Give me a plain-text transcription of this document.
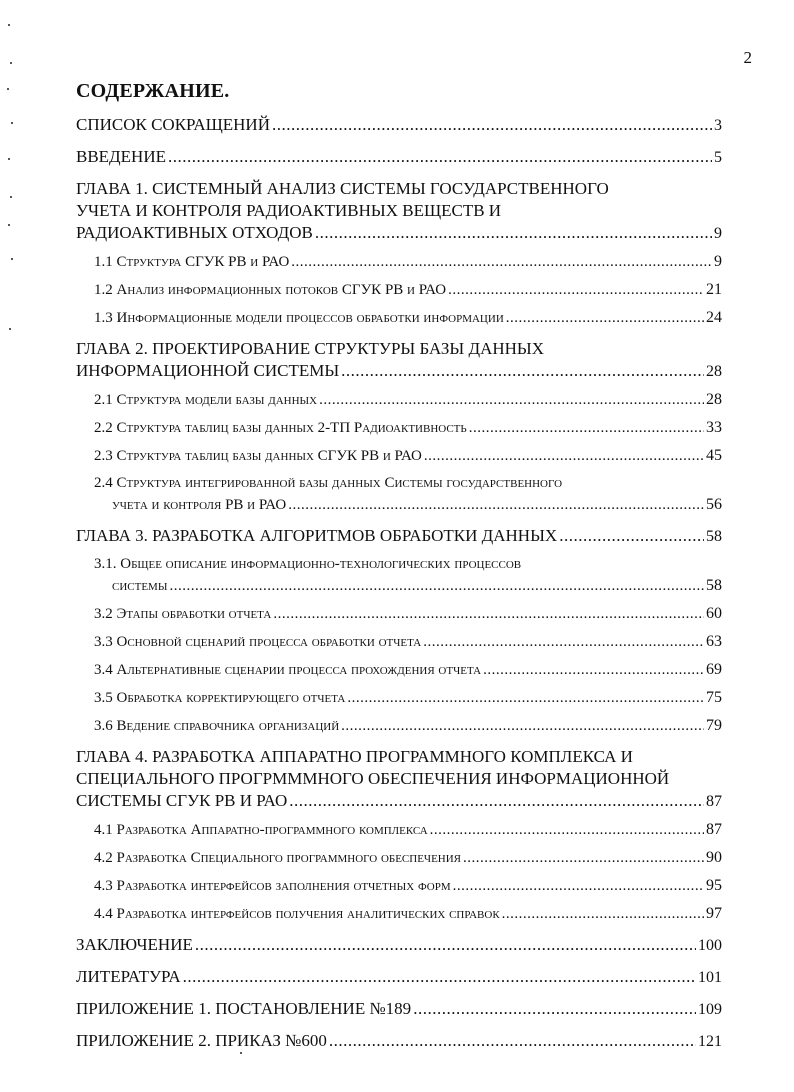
2
СОДЕРЖАНИЕ.
СПИСОК СОКРАЩЕНИЙ .....	3
ВВЕДЕНИЕ .....	5
ГЛАВА 1. СИСТЕМНЫЙ АНАЛИЗ СИСТЕМЫ ГОСУДАРСТВЕННОГО
УЧЕТА И КОНТРОЛЯ РАДИОАКТИВНЫХ ВЕЩЕСТВ И
РАДИОАКТИВНЫХ ОТХОДОВ .....	9
1.1 Структура СГУК РВ и РАО .....	9
1.2 Анализ информационных потоков СГУК РВ и РАО .....	21
1.3 Информационные модели процессов обработки информации .....	24
ГЛАВА 2. ПРОЕКТИРОВАНИЕ СТРУКТУРЫ БАЗЫ ДАННЫХ
ИНФОРМАЦИОННОЙ СИСТЕМЫ .....	28
2.1 Структура модели базы данных .....	28
2.2 Структура таблиц базы данных 2-ТП Радиоактивность .....	33
2.3 Структура таблиц базы данных СГУК РВ и РАО .....	45
2.4 Структура интегрированной базы данных Системы государственного
учета и контроля РВ и РАО .....	56
ГЛАВА 3. РАЗРАБОТКА АЛГОРИТМОВ ОБРАБОТКИ ДАННЫХ .....	58
3.1. Общее описание информационно-технологических процессов
системы .....	58
3.2 Этапы обработки отчета .....	60
3.3 Основной сценарий процесса обработки отчета .....	63
3.4 Альтернативные сценарии процесса прохождения отчета .....	69
3.5 Обработка корректирующего отчета .....	75
3.6 Ведение справочника организаций .....	79
ГЛАВА 4. РАЗРАБОТКА АППАРАТНО ПРОГРАММНОГО КОМПЛЕКСА И
СПЕЦИАЛЬНОГО ПРОГРМММНОГО ОБЕСПЕЧЕНИЯ ИНФОРМАЦИОННОЙ
СИСТЕМЫ СГУК РВ И РАО .....	87
4.1 Разработка Аппаратно-программного комплекса .....	87
4.2 Разработка Специального программного обеспечения .....	90
4.3 Разработка интерфейсов заполнения отчетных форм .....	95
4.4 Разработка интерфейсов получения аналитических справок .....	97
ЗАКЛЮЧЕНИЕ .....	100
ЛИТЕРАТУРА .....	101
ПРИЛОЖЕНИЕ 1. ПОСТАНОВЛЕНИЕ №189 .....	109
ПРИЛОЖЕНИЕ 2. ПРИКАЗ №600 .....	121
